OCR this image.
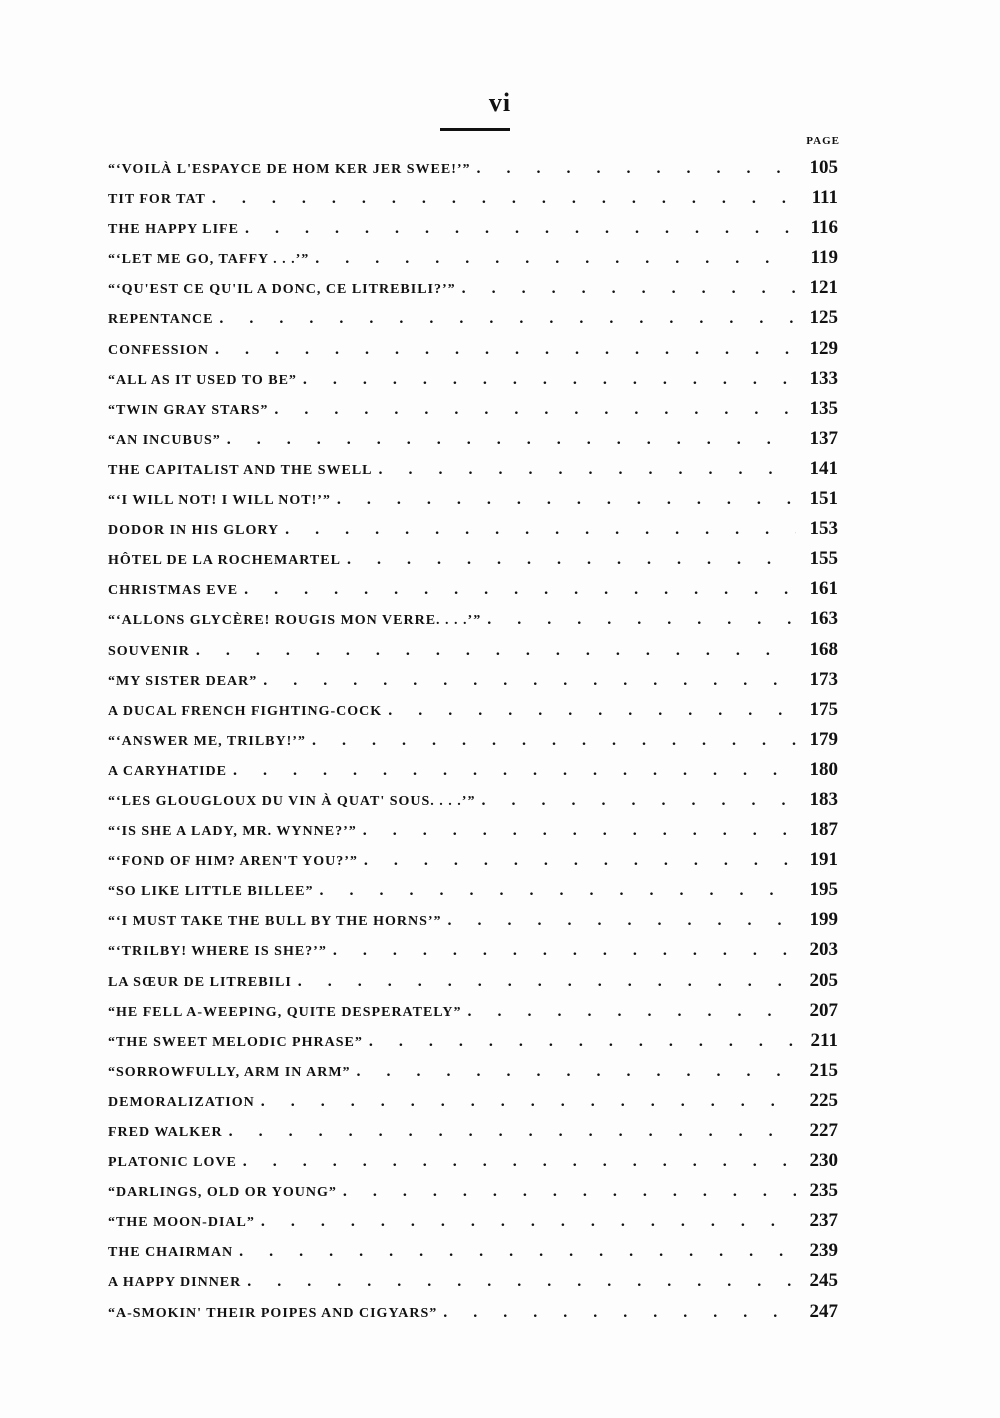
vi
PAGE
“‘VOILÀ L'ESPAYCE DE HOM KER JER SWEE!’” . . .	105
TIT FOR TAT . . .	111
THE HAPPY LIFE . . .	116
“‘LET ME GO, TAFFY . . .’” . . .	119
“‘QU'EST CE QU'IL A DONC, CE LITREBILI?’” . . .	121
REPENTANCE . . .	125
CONFESSION . . .	129
“ALL AS IT USED TO BE” . . .	133
“TWIN GRAY STARS” . . .	135
“AN INCUBUS” . . .	137
THE CAPITALIST AND THE SWELL . . .	141
“‘I WILL NOT! I WILL NOT!’” . . .	151
DODOR IN HIS GLORY . . .	153
HÔTEL DE LA ROCHEMARTEL . . .	155
CHRISTMAS EVE . . .	161
“‘ALLONS GLYCÈRE! ROUGIS MON VERRE. . . .’” . . .	163
SOUVENIR . . .	168
“MY SISTER DEAR” . . .	173
A DUCAL FRENCH FIGHTING-COCK . . .	175
“‘ANSWER ME, TRILBY!’” . . .	179
A CARYHATIDE . . .	180
“‘LES GLOUGLOUX DU VIN À QUAT' SOUS. . . .’” . . .	183
“‘IS SHE A LADY, MR. WYNNE?’” . . .	187
“‘FOND OF HIM? AREN'T YOU?’” . . .	191
“SO LIKE LITTLE BILLEE” . . .	195
“‘I MUST TAKE THE BULL BY THE HORNS’” . . .	199
“‘TRILBY! WHERE IS SHE?’” . . .	203
LA SŒUR DE LITREBILI . . .	205
“HE FELL A-WEEPING, QUITE DESPERATELY” . . .	207
“THE SWEET MELODIC PHRASE” . . .	211
“SORROWFULLY, ARM IN ARM” . . .	215
DEMORALIZATION . . .	225
FRED WALKER . . .	227
PLATONIC LOVE . . .	230
“DARLINGS, OLD OR YOUNG” . . .	235
“THE MOON-DIAL” . . .	237
THE CHAIRMAN . . .	239
A HAPPY DINNER . . .	245
“A-SMOKIN' THEIR POIPES AND CIGYARS” . . .	247
